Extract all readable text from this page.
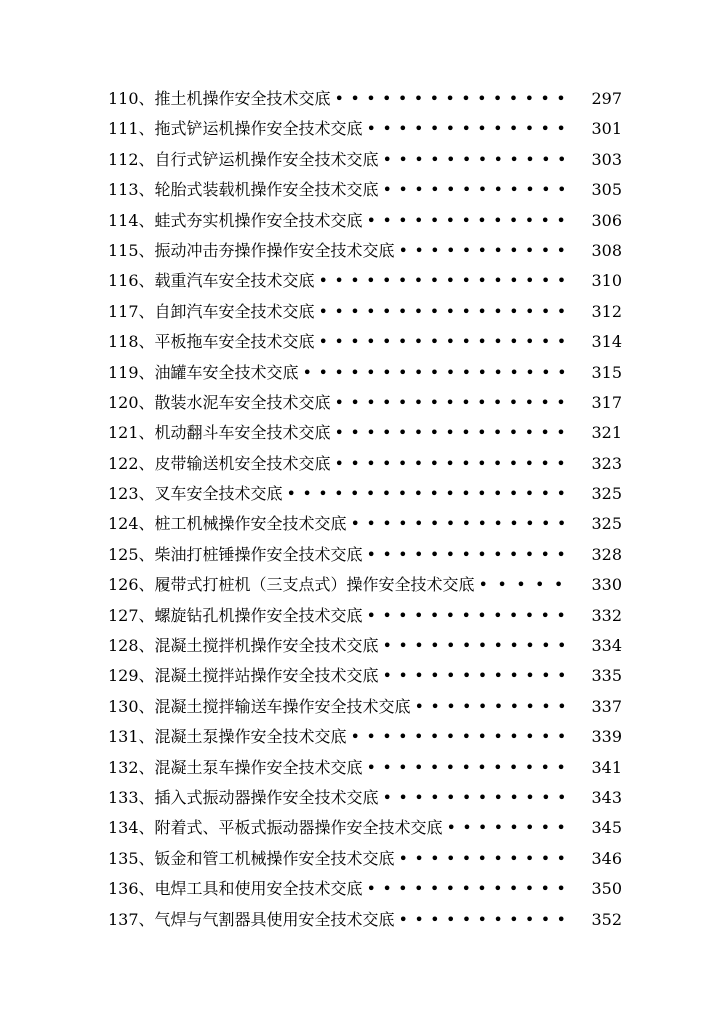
110、推土机操作安全技术交底 ••••••••••••••• 297
111、拖式铲运机操作安全技术交底 ••••••••••••• 301
112、自行式铲运机操作安全技术交底 •••••••••••• 303
113、轮胎式装载机操作安全技术交底 •••••••••••• 305
114、蛙式夯实机操作安全技术交底 ••••••••••••• 306
115、振动冲击夯操作操作安全技术交底 ••••••••••• 308
116、载重汽车安全技术交底 •••••••••••••••• 310
117、自卸汽车安全技术交底 •••••••••••••••• 312
118、平板拖车安全技术交底 •••••••••••••••• 314
119、油罐车安全技术交底 ••••••••••••••••• 315
120、散装水泥车安全技术交底 ••••••••••••••• 317
121、机动翻斗车安全技术交底 ••••••••••••••• 321
122、皮带输送机安全技术交底 ••••••••••••••• 323
123、叉车安全技术交底 •••••••••••••••••• 325
124、桩工机械操作安全技术交底 •••••••••••••• 325
125、柴油打桩锤操作安全技术交底 ••••••••••••• 328
126、履带式打桩机（三支点式）操作安全技术交底 ••••• 330
127、螺旋钻孔机操作安全技术交底 ••••••••••••• 332
128、混凝土搅拌机操作安全技术交底 •••••••••••• 334
129、混凝土搅拌站操作安全技术交底 •••••••••••• 335
130、混凝土搅拌输送车操作安全技术交底 •••••••••• 337
131、混凝土泵操作安全技术交底 •••••••••••••• 339
132、混凝土泵车操作安全技术交底 ••••••••••••• 341
133、插入式振动器操作安全技术交底 •••••••••••• 343
134、附着式、平板式振动器操作安全技术交底 •••••••• 345
135、钣金和管工机械操作安全技术交底 ••••••••••• 346
136、电焊工具和使用安全技术交底 ••••••••••••• 350
137、气焊与气割器具使用安全技术交底 ••••••••••• 352
